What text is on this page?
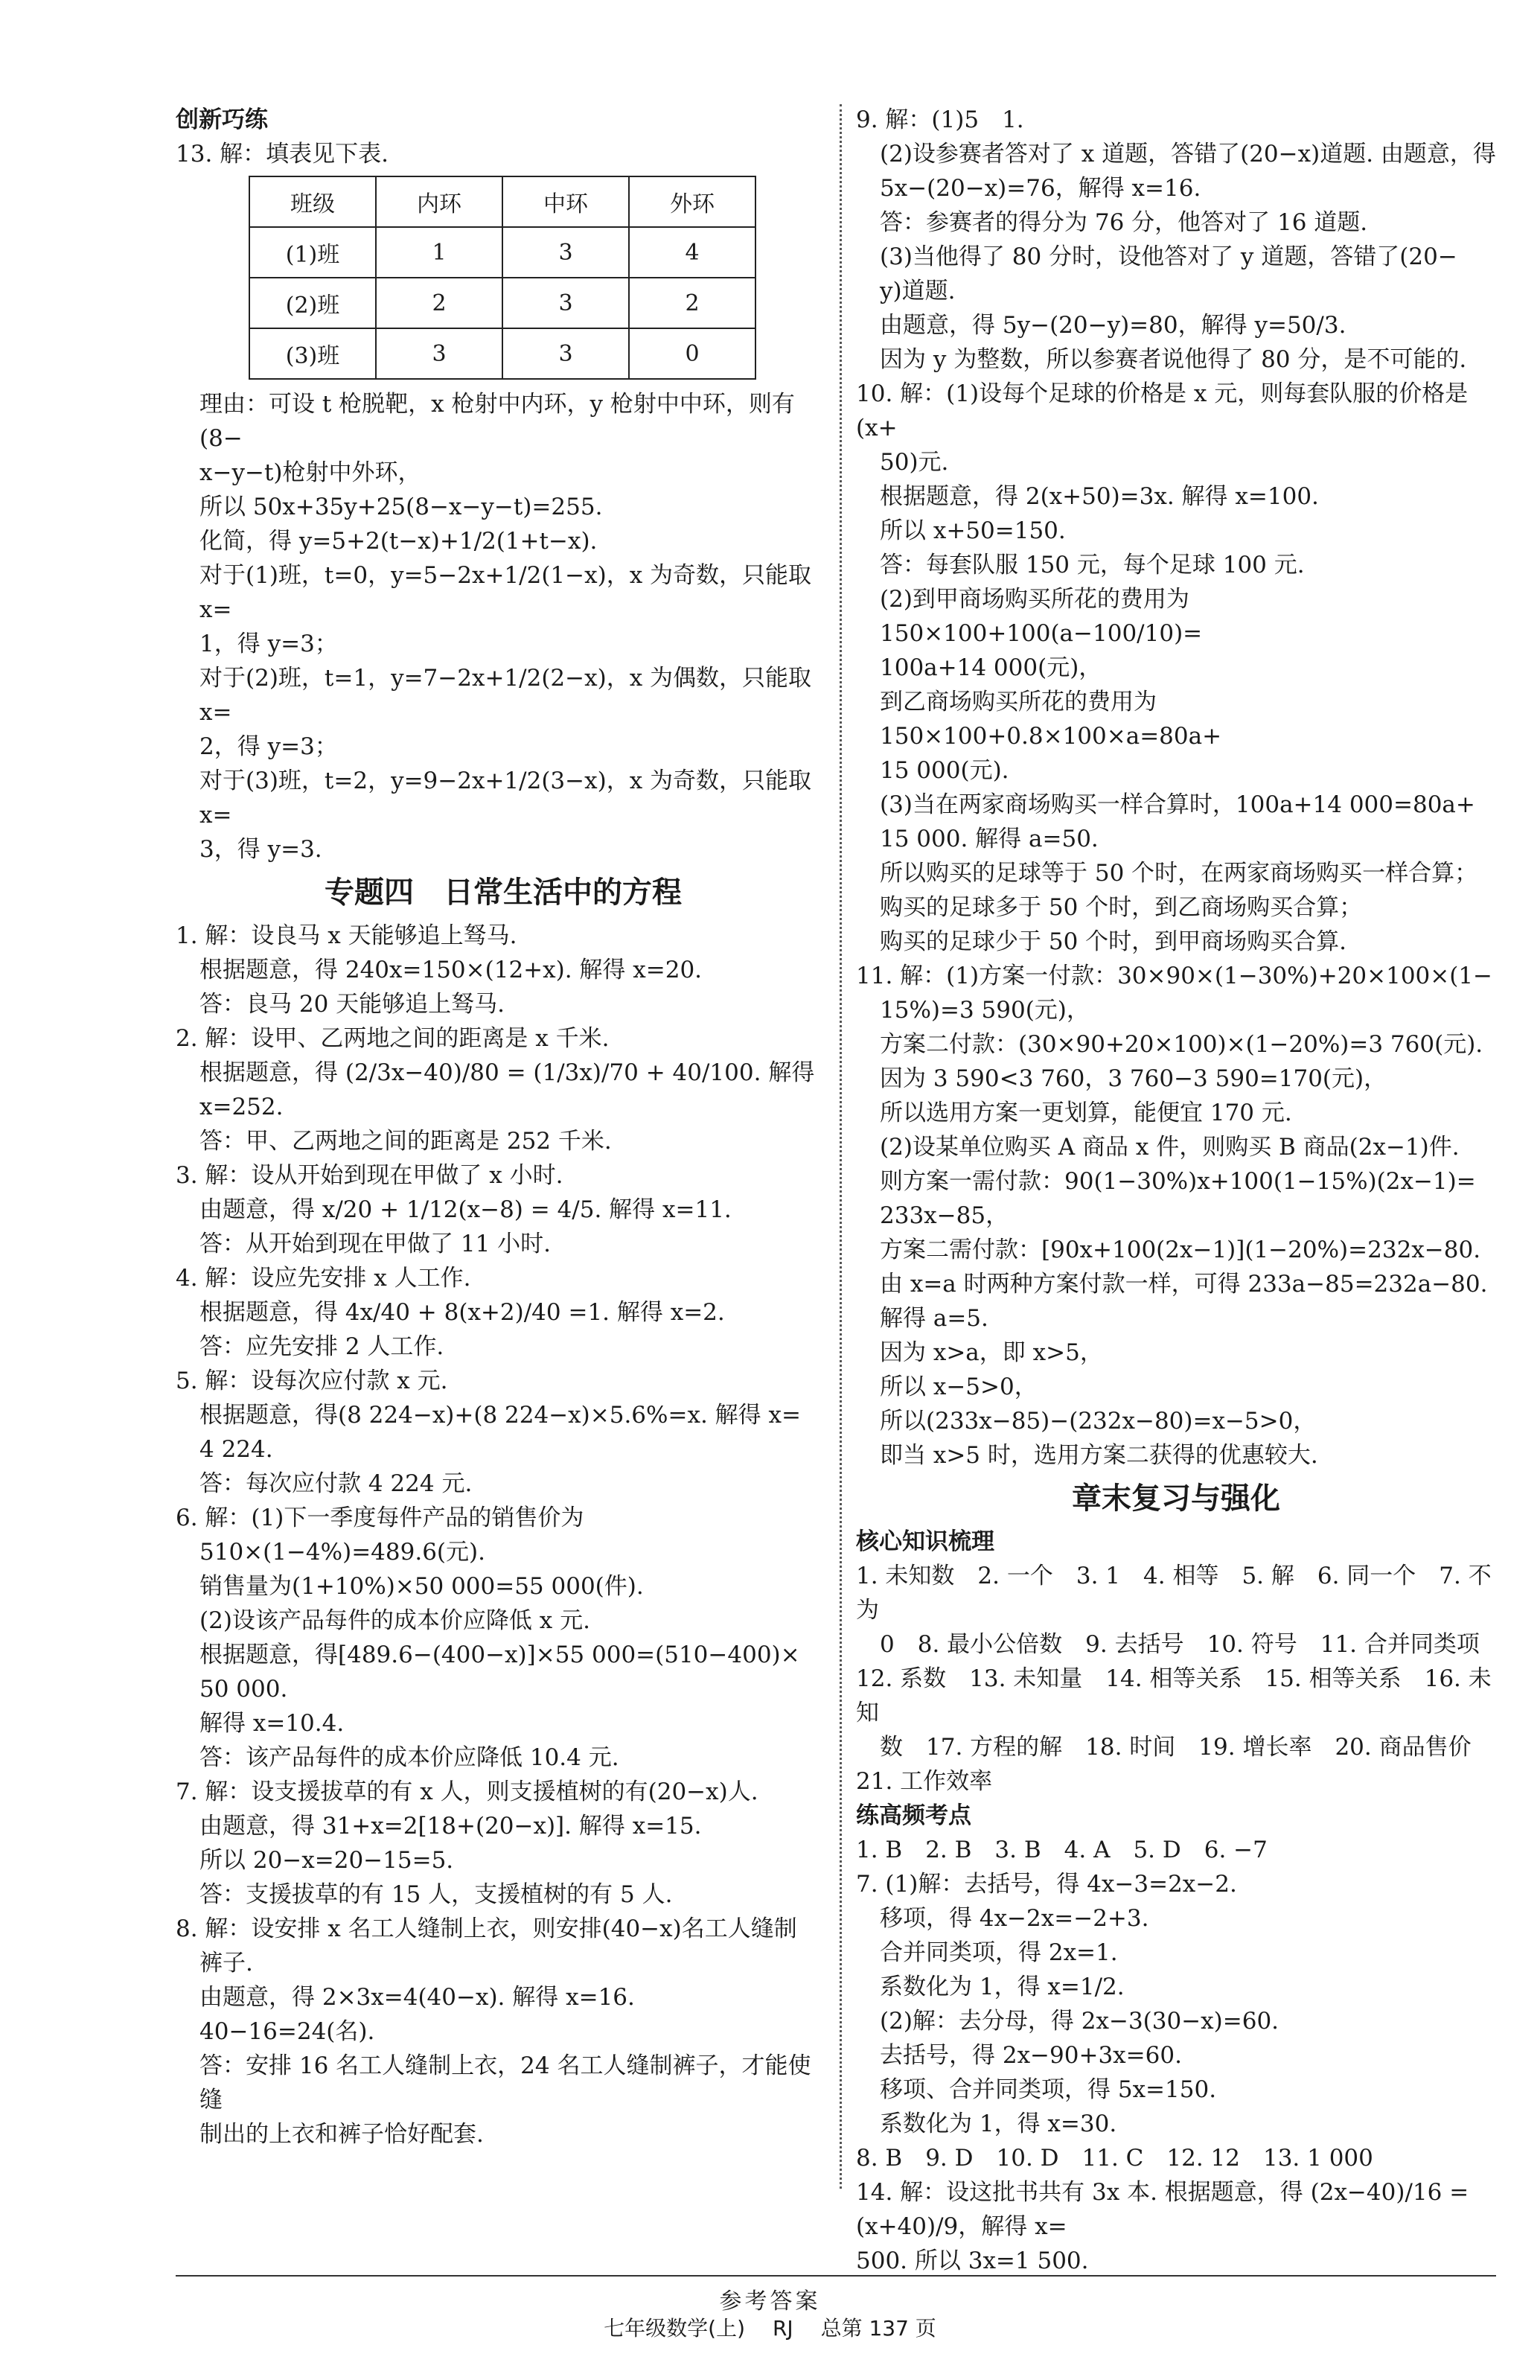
创新巧练

13. 解：填表见下表.

班级	内环	中环	外环
(1)班	1	3	4
(2)班	2	3	2
(3)班	3	3	0

理由：可设 t 枪脱靶，x 枪射中内环，y 枪射中中环，则有(8−

x−y−t)枪射中外环，

所以 50x+35y+25(8−x−y−t)=255.

化简，得 y=5+2(t−x)+1/2(1+t−x).

对于(1)班，t=0，y=5−2x+1/2(1−x)，x 为奇数，只能取 x=

1，得 y=3；

对于(2)班，t=1，y=7−2x+1/2(2−x)，x 为偶数，只能取 x=

2，得 y=3；

对于(3)班，t=2，y=9−2x+1/2(3−x)，x 为奇数，只能取 x=

3，得 y=3.

专题四　日常生活中的方程

1. 解：设良马 x 天能够追上驽马.

根据题意，得 240x=150×(12+x). 解得 x=20.

答：良马 20 天能够追上驽马.

2. 解：设甲、乙两地之间的距离是 x 千米.

根据题意，得 (2/3x−40)/80 = (1/3x)/70 + 40/100. 解得 x=252.

答：甲、乙两地之间的距离是 252 千米.

3. 解：设从开始到现在甲做了 x 小时.

由题意，得 x/20 + 1/12(x−8) = 4/5. 解得 x=11.

答：从开始到现在甲做了 11 小时.

4. 解：设应先安排 x 人工作.

根据题意，得 4x/40 + 8(x+2)/40 =1. 解得 x=2.

答：应先安排 2 人工作.

5. 解：设每次应付款 x 元.

根据题意，得(8 224−x)+(8 224−x)×5.6%=x. 解得 x=

4 224.

答：每次应付款 4 224 元.

6. 解：(1)下一季度每件产品的销售价为

510×(1−4%)=489.6(元).

销售量为(1+10%)×50 000=55 000(件).

(2)设该产品每件的成本价应降低 x 元.

根据题意，得[489.6−(400−x)]×55 000=(510−400)×

50 000.

解得 x=10.4.

答：该产品每件的成本价应降低 10.4 元.

7. 解：设支援拔草的有 x 人，则支援植树的有(20−x)人.

由题意，得 31+x=2[18+(20−x)]. 解得 x=15.

所以 20−x=20−15=5.

答：支援拔草的有 15 人，支援植树的有 5 人.

8. 解：设安排 x 名工人缝制上衣，则安排(40−x)名工人缝制

裤子.

由题意，得 2×3x=4(40−x). 解得 x=16.

40−16=24(名).

答：安排 16 名工人缝制上衣，24 名工人缝制裤子，才能使缝

制出的上衣和裤子恰好配套.

9. 解：(1)5　1.

(2)设参赛者答对了 x 道题，答错了(20−x)道题. 由题意，得

5x−(20−x)=76，解得 x=16.

答：参赛者的得分为 76 分，他答对了 16 道题.

(3)当他得了 80 分时，设他答对了 y 道题，答错了(20−

y)道题.

由题意，得 5y−(20−y)=80，解得 y=50/3.

因为 y 为整数，所以参赛者说他得了 80 分，是不可能的.

10. 解：(1)设每个足球的价格是 x 元，则每套队服的价格是(x+

50)元.

根据题意，得 2(x+50)=3x. 解得 x=100.

所以 x+50=150.

答：每套队服 150 元，每个足球 100 元.

(2)到甲商场购买所花的费用为 150×100+100(a−100/10)=

100a+14 000(元)，

到乙商场购买所花的费用为 150×100+0.8×100×a=80a+

15 000(元).

(3)当在两家商场购买一样合算时，100a+14 000=80a+

15 000. 解得 a=50.

所以购买的足球等于 50 个时，在两家商场购买一样合算；

购买的足球多于 50 个时，到乙商场购买合算；

购买的足球少于 50 个时，到甲商场购买合算.

11. 解：(1)方案一付款：30×90×(1−30%)+20×100×(1−

15%)=3 590(元)，

方案二付款：(30×90+20×100)×(1−20%)=3 760(元).

因为 3 590<3 760，3 760−3 590=170(元)，

所以选用方案一更划算，能便宜 170 元.

(2)设某单位购买 A 商品 x 件，则购买 B 商品(2x−1)件.

则方案一需付款：90(1−30%)x+100(1−15%)(2x−1)=

233x−85，

方案二需付款：[90x+100(2x−1)](1−20%)=232x−80.

由 x=a 时两种方案付款一样，可得 233a−85=232a−80.

解得 a=5.

因为 x>a，即 x>5，

所以 x−5>0，

所以(233x−85)−(232x−80)=x−5>0，

即当 x>5 时，选用方案二获得的优惠较大.

章末复习与强化

核心知识梳理

1. 未知数　2. 一个　3. 1　4. 相等　5. 解　6. 同一个　7. 不为

0　8. 最小公倍数　9. 去括号　10. 符号　11. 合并同类项

12. 系数　13. 未知量　14. 相等关系　15. 相等关系　16. 未知

数　17. 方程的解　18. 时间　19. 增长率　20. 商品售价

21. 工作效率

练高频考点

1. B　2. B　3. B　4. A　5. D　6. −7

7. (1)解：去括号，得 4x−3=2x−2.

移项，得 4x−2x=−2+3.

合并同类项，得 2x=1.

系数化为 1，得 x=1/2.

(2)解：去分母，得 2x−3(30−x)=60.

去括号，得 2x−90+3x=60.

移项、合并同类项，得 5x=150.

系数化为 1，得 x=30.

8. B　9. D　10. D　11. C　12. 12　13. 1 000

14. 解：设这批书共有 3x 本. 根据题意，得 (2x−40)/16 = (x+40)/9，解得 x=

500. 所以 3x=1 500.

参考答案
七年级数学(上) RJ 总第 137 页
